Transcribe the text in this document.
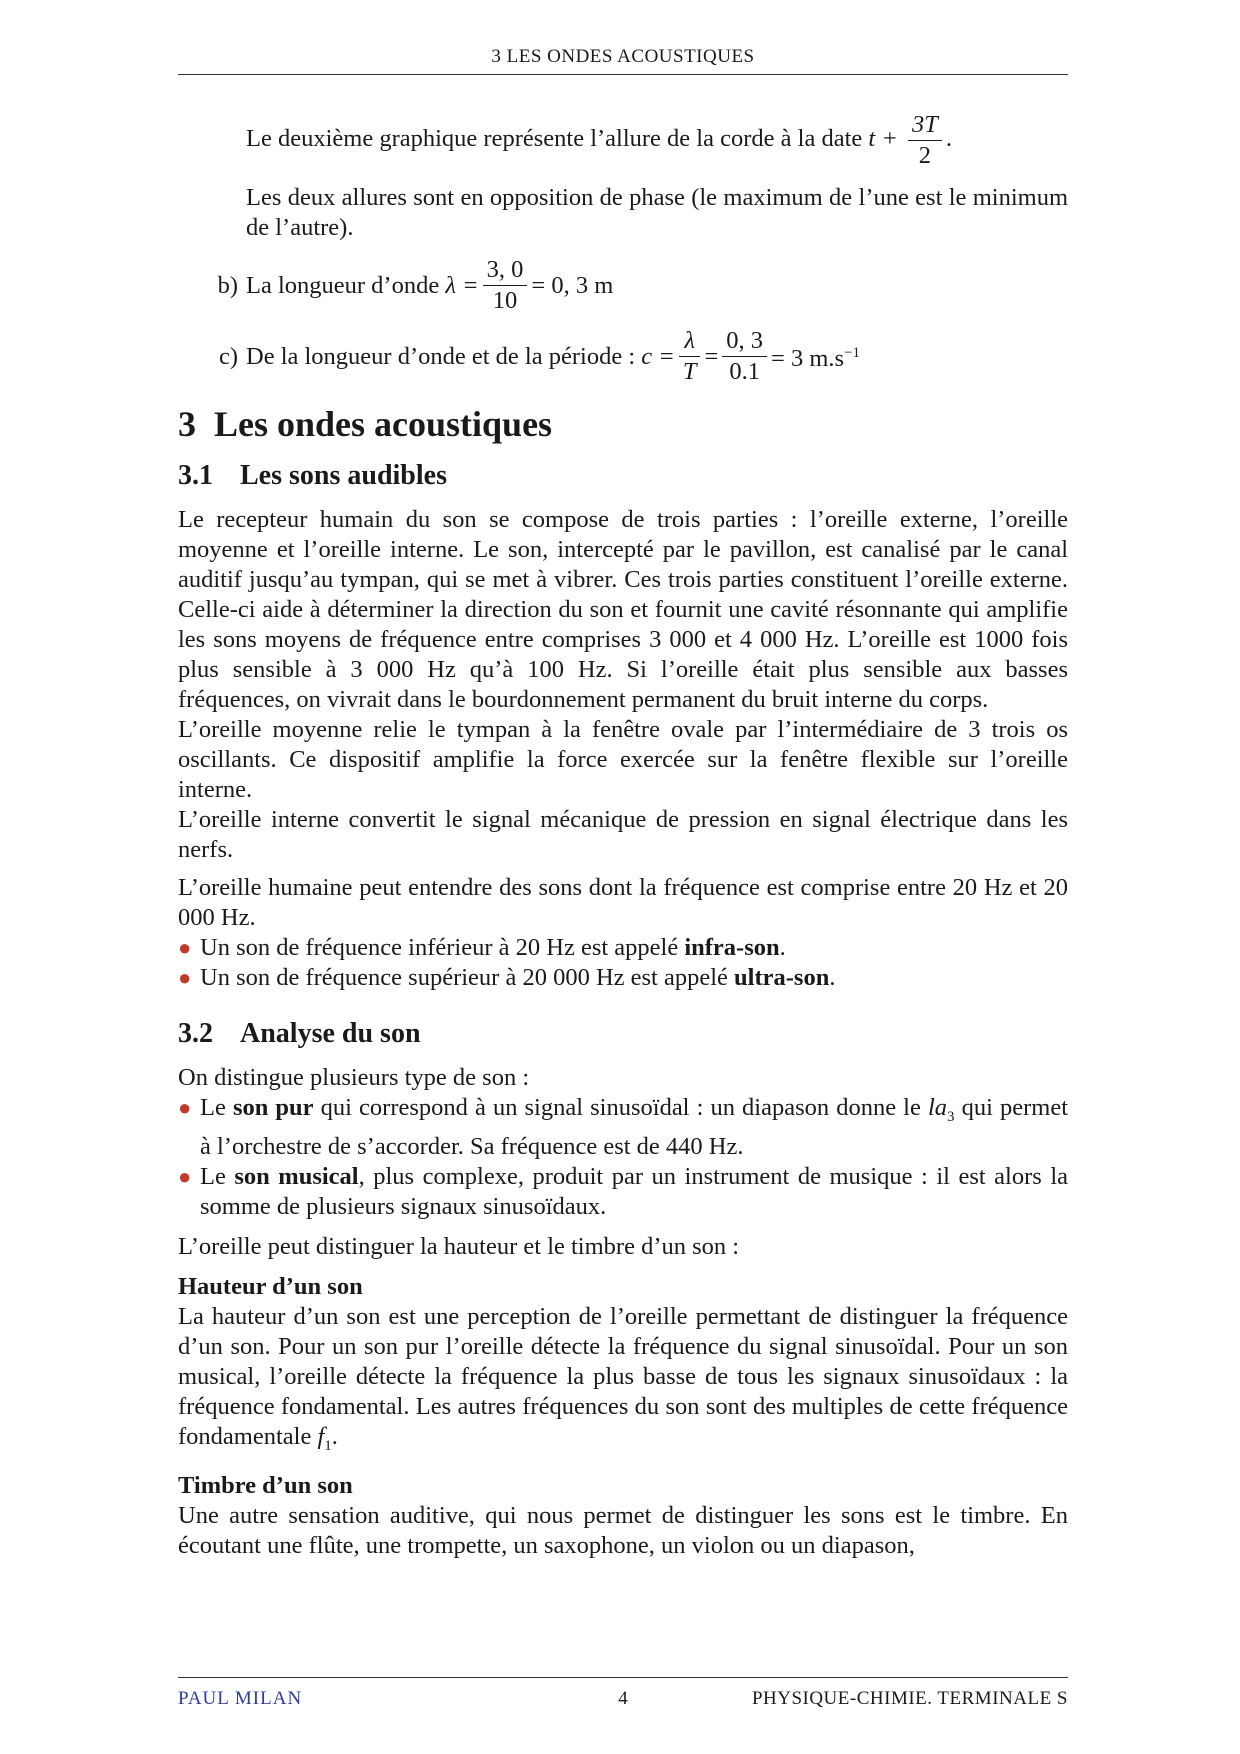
3 LES ONDES ACOUSTIQUES

Le deuxième graphique représente l’allure de la corde à la date $t + \frac{3T}{2}$ .

Les deux allures sont en opposition de phase (le maximum de l’une est le minimum de l’autre).

b) La longueur d’onde
$\lambda = \frac{3, 0}{10} = 0$, 3 m
c) De la longueur d’onde et de la période :
$c = \frac{\lambda}{T} = \frac{0, 3}{0.1} = 3$ $m.s^{-1}$
3 Les ondes acoustiques
3.1 Les sons audibles

Le recepteur humain du son se compose de trois parties : l’oreille externe, l’oreille moyenne et l’oreille interne. Le son, intercepté par le pavillon, est canalisé par le canal auditif jusqu’au tympan, qui se met à vibrer. Ces trois parties constituent l’oreille externe. Celle-ci aide à déterminer la direction du son et fournit une cavité résonnante qui amplifie les sons moyens de fréquence entre comprises 3 000 et 4 000 Hz. L’oreille est 1000 fois plus sensible à 3 000 Hz qu’à 100 Hz. Si l’oreille était plus sensible aux basses fréquences, on vivrait dans le bourdonnement permanent du bruit interne du corps.

L’oreille moyenne relie le tympan à la fenêtre ovale par l’intermédiaire de 3 trois os oscillants. Ce dispositif amplifie la force exercée sur la fenêtre flexible sur l’oreille interne.

L’oreille interne convertit le signal mécanique de pression en signal électrique dans les nerfs.

L’oreille humaine peut entendre des sons dont la fréquence est comprise entre 20 Hz et 20 000 Hz.

● Un son de fréquence inférieur à 20 Hz est appelé infra-son.
● Un son de fréquence supérieur à 20 000 Hz est appelé ultra-son.
3.2 Analyse du son

On distingue plusieurs type de son :

● Le son pur qui correspond à un signal sinusoïdal : un diapason donne le $la_3$ qui permet à l’orchestre de s’accorder. Sa fréquence est de 440 Hz.
● Le son musical, plus complexe, produit par un instrument de musique : il est alors la somme de plusieurs signaux sinusoïdaux.

L’oreille peut distinguer la hauteur et le timbre d’un son :

Hauteur d’un son

La hauteur d’un son est une perception de l’oreille permettant de distinguer la fréquence d’un son. Pour un son pur l’oreille détecte la fréquence du signal sinusoïdal. Pour un son musical, l’oreille détecte la fréquence la plus basse de tous les signaux sinusoïdaux : la fréquence fondamental. Les autres fréquences du son sont des multiples de cette fréquence fondamentale $f_1$.

Timbre d’un son

Une autre sensation auditive, qui nous permet de distinguer les sons est le timbre. En écoutant une flûte, une trompette, un saxophone, un violon ou un diapason,

PAUL MILAN	4	PHYSIQUE-CHIMIE. TERMINALE S
